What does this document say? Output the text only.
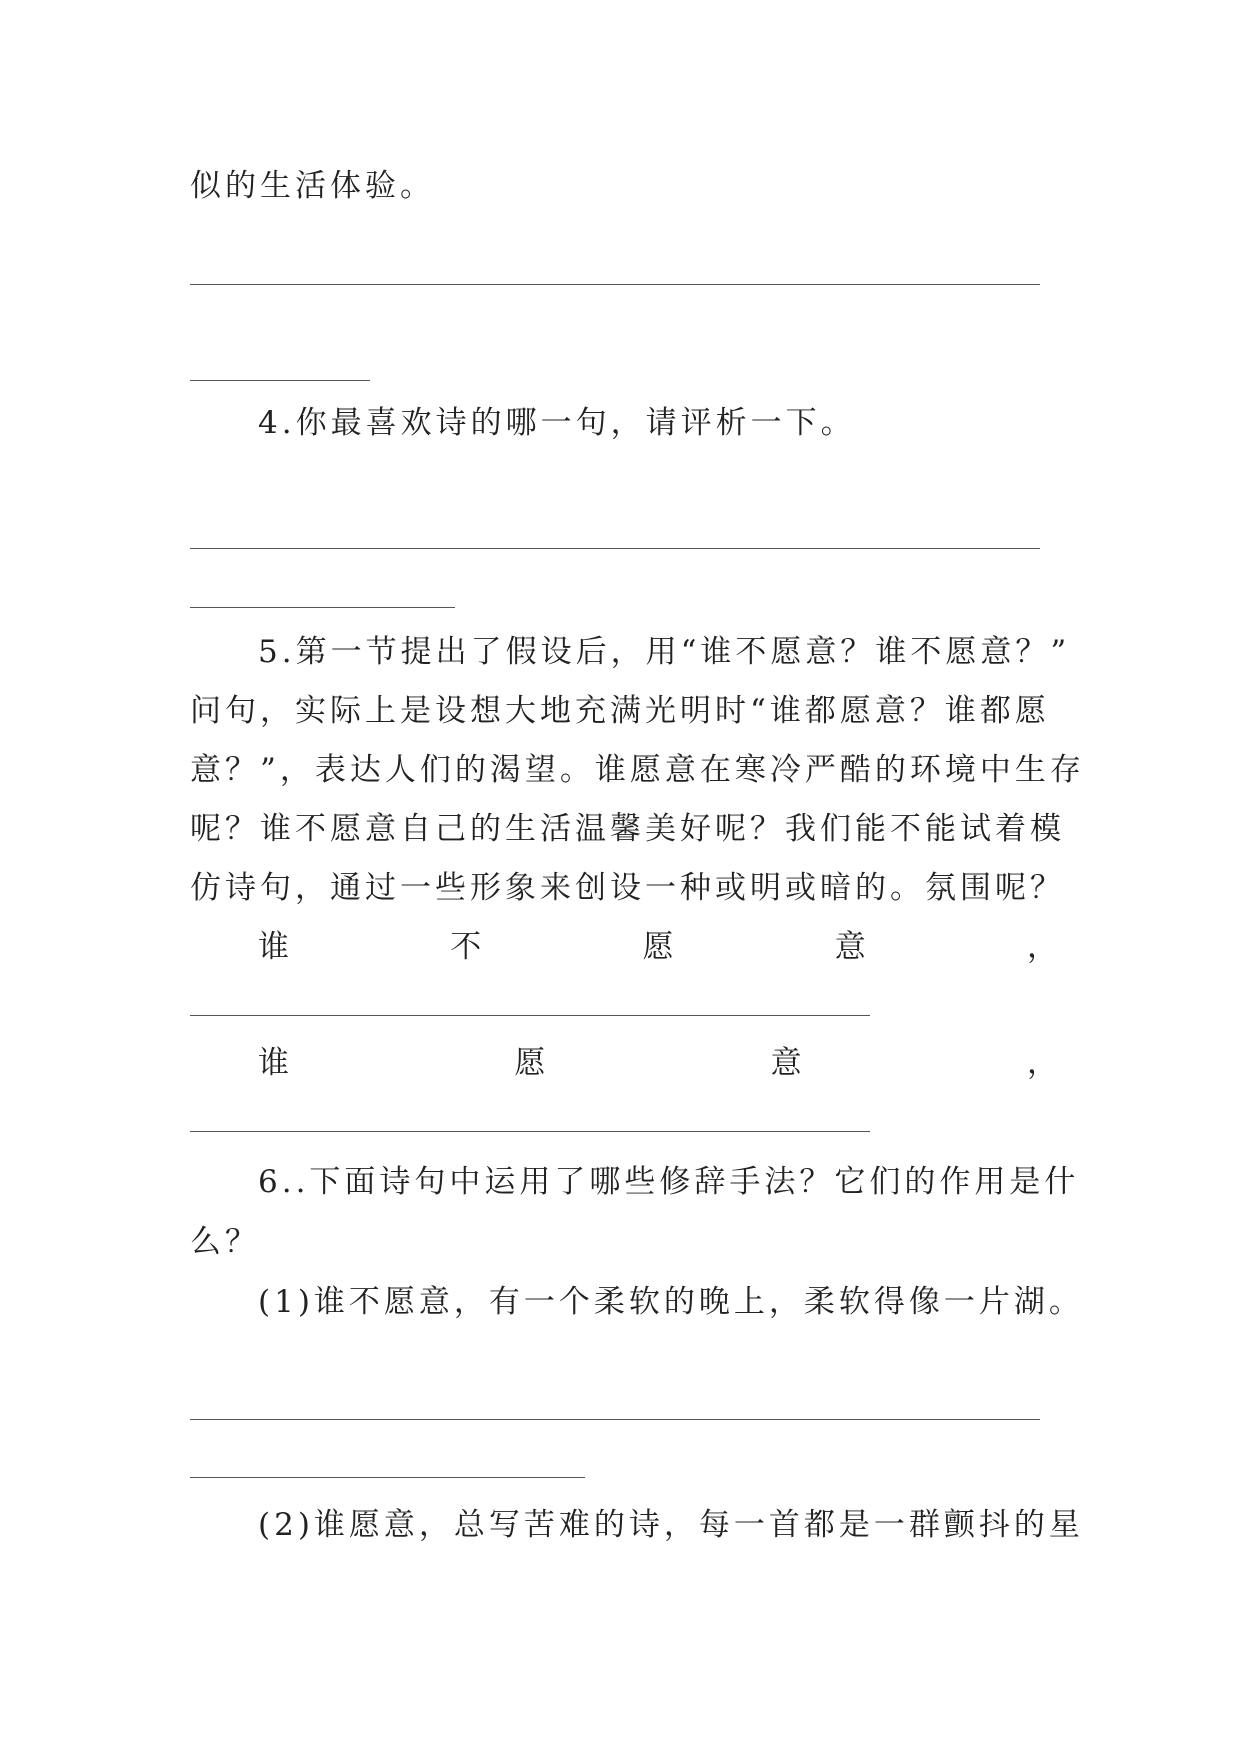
似的生活体验。
4.你最喜欢诗的哪一句，请评析一下。
5.第一节提出了假设后，用“谁不愿意？谁不愿意？”
问句，实际上是设想大地充满光明时“谁都愿意？谁都愿
意？”，表达人们的渴望。谁愿意在寒冷严酷的环境中生存
呢？谁不愿意自己的生活温馨美好呢？我们能不能试着模
仿诗句，通过一些形象来创设一种或明或暗的。氛围呢？
谁	不	愿	意	，
谁	愿	意	，
6..下面诗句中运用了哪些修辞手法？它们的作用是什
么？
(1)谁不愿意，有一个柔软的晚上，柔软得像一片湖。
(2)谁愿意，总写苦难的诗，每一首都是一群颤抖的星
